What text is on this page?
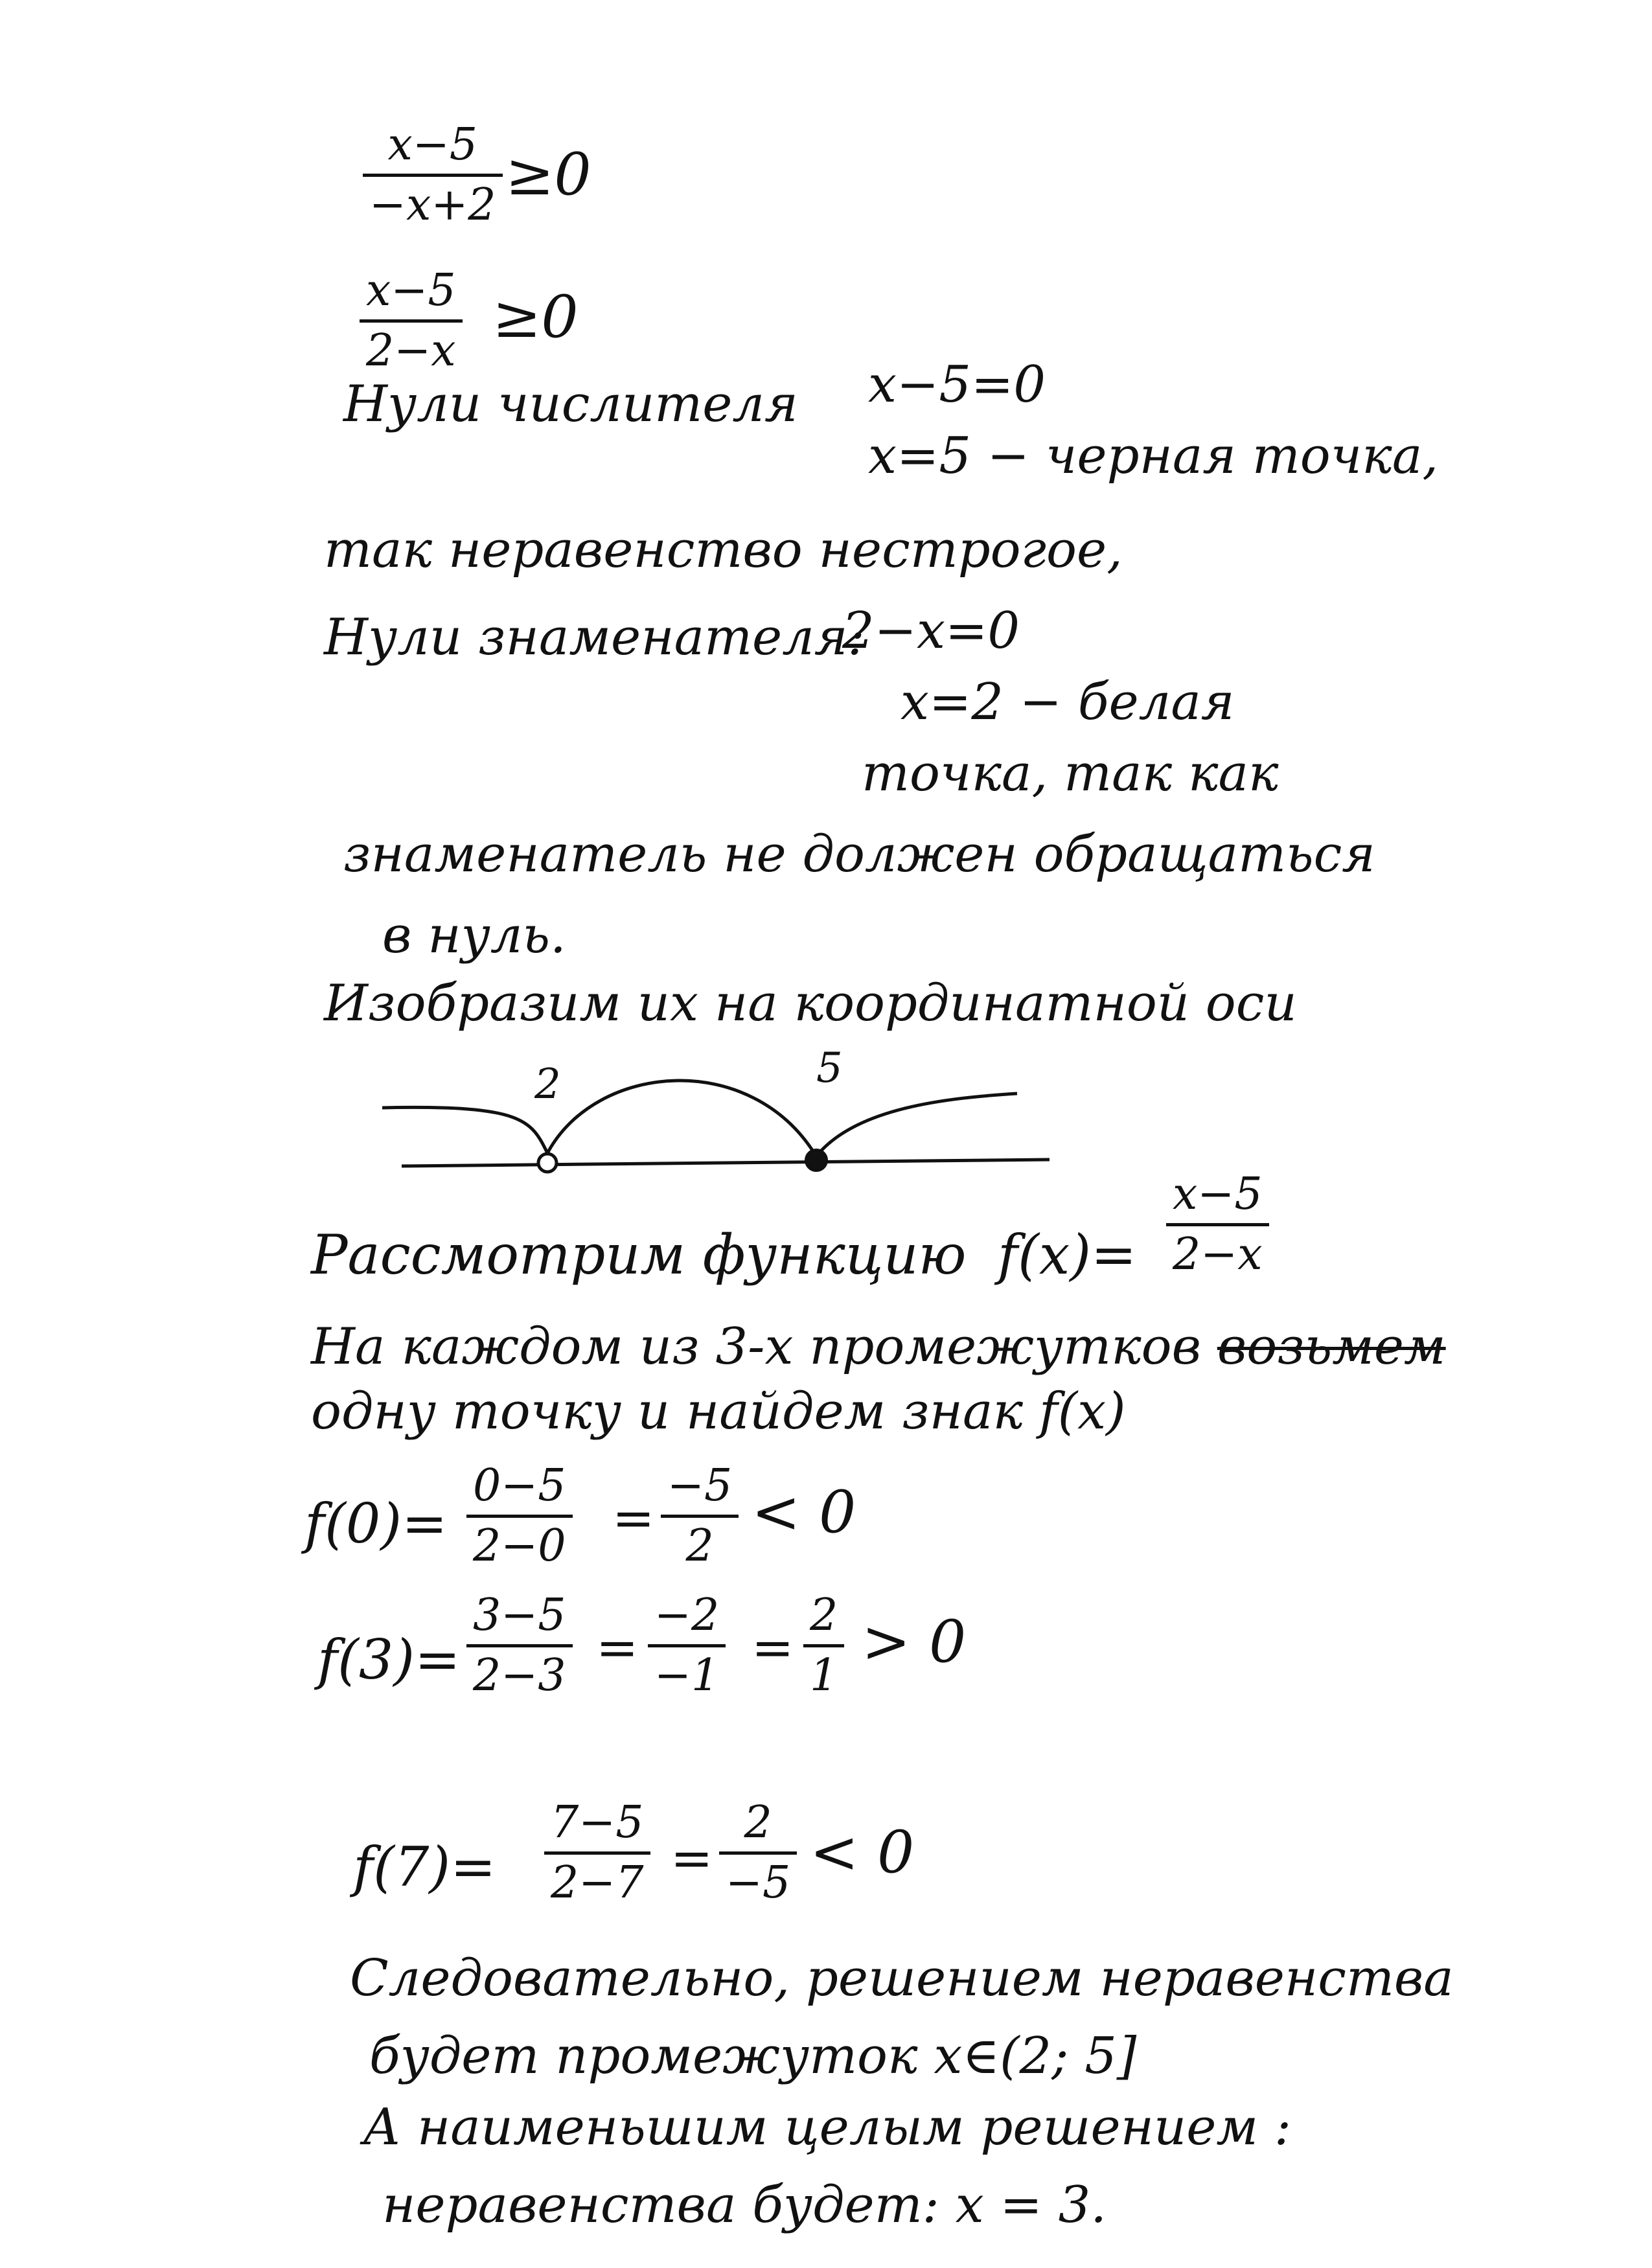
x−5
−x+2 ≥0
x−5
2−x ≥0
Нули числителя x−5=0
x=5 − черная точка,
так неравенство нестрогое,
Нули знаменателя:
2−x=0
x=2 − белая
точка, так как
знаменатель не должен обращаться
в нуль.
Изобразим их на координатной оси
2	5
Рассмотрим функцию f(x)=
x−5
2−x
На каждом из 3-х промежутков возьмем
одну точку и найдем знак f(x)
f(0)=
0−5
2−0 =
−5
2 < 0
f(3)=
3−5
2−3 =
−2
−1 =
2
1 > 0
f(7)=
7−5
2−7 =
2
−5 < 0
Следовательно, решением неравенства
будет промежуток x∈(2; 5]
А наименьшим целым решением :
неравенства будет: x = 3.
